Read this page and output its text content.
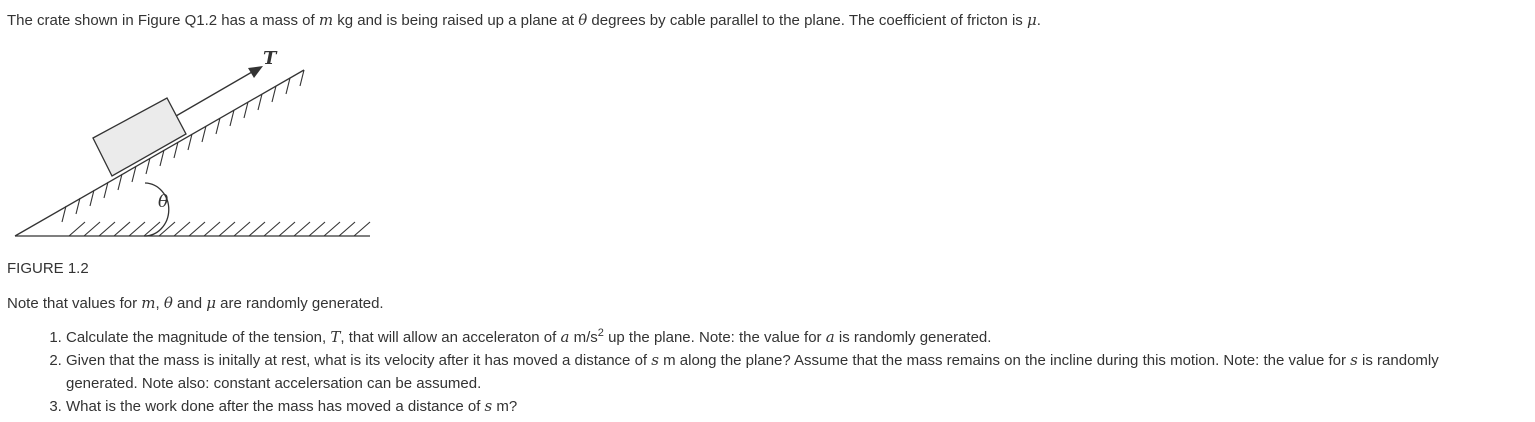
The crate shown in Figure Q1.2 has a mass of m kg and is being raised up a plane at θ degrees by cable parallel to the plane. The coefficient of fricton is μ.

T
θ

FIGURE 1.2

Note that values for m, θ and μ are randomly generated.

1. Calculate the magnitude of the tension, T, that will allow an acceleraton of a $m/s^2$ up the plane. Note: the value for a is randomly generated.
2. Given that the mass is initally at rest, what is its velocity after it has moved a distance of s m along the plane? Assume that the mass remains on the incline during this motion. Note: the value for s is randomly
generated. Note also: constant accelersation can be assumed.
3. What is the work done after the mass has moved a distance of s m?
